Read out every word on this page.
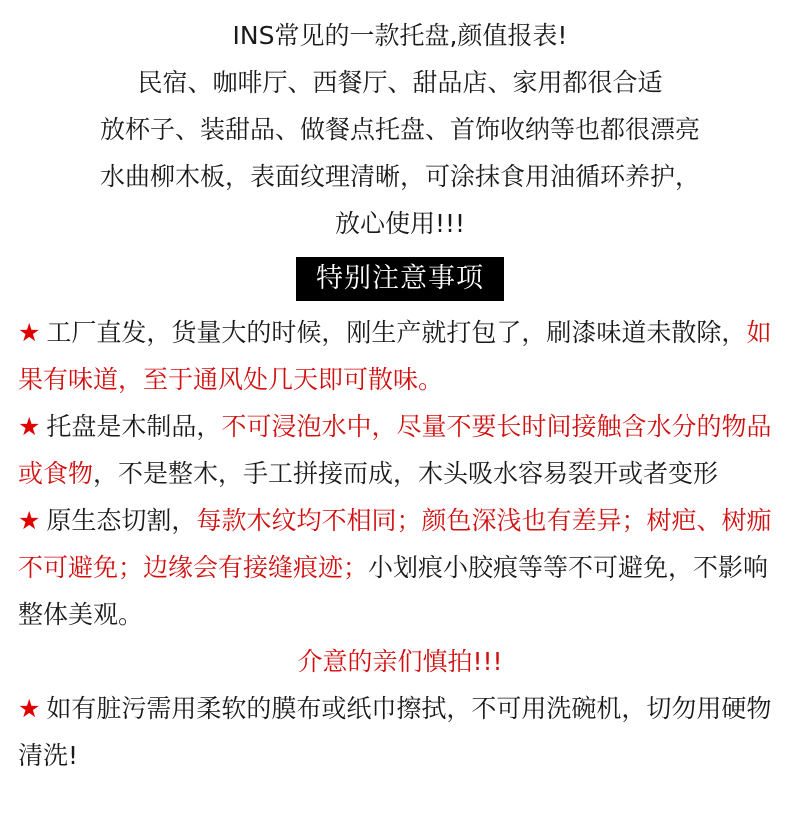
INS常见的一款托盘,颜值报表!
民宿、咖啡厅、西餐厅、甜品店、家用都很合适
放杯子、装甜品、做餐点托盘、首饰收纳等也都很漂亮
水曲柳木板，表面纹理清晰，可涂抹食用油循环养护，
放心使用!!!
特别注意事项
★ 工厂直发，货量大的时候，刚生产就打包了，刷漆味道未散除，如果有味道，至于通风处几天即可散味。
★ 托盘是木制品，不可浸泡水中，尽量不要长时间接触含水分的物品或食物，不是整木，手工拼接而成，木头吸水容易裂开或者变形
★ 原生态切割，每款木纹均不相同；颜色深浅也有差异；树疤、树痂不可避免；边缘会有接缝痕迹；小划痕小胶痕等等不可避免，不影响整体美观。
介意的亲们慎拍!!!
★ 如有脏污需用柔软的膜布或纸巾擦拭，不可用洗碗机，切勿用硬物清洗!
